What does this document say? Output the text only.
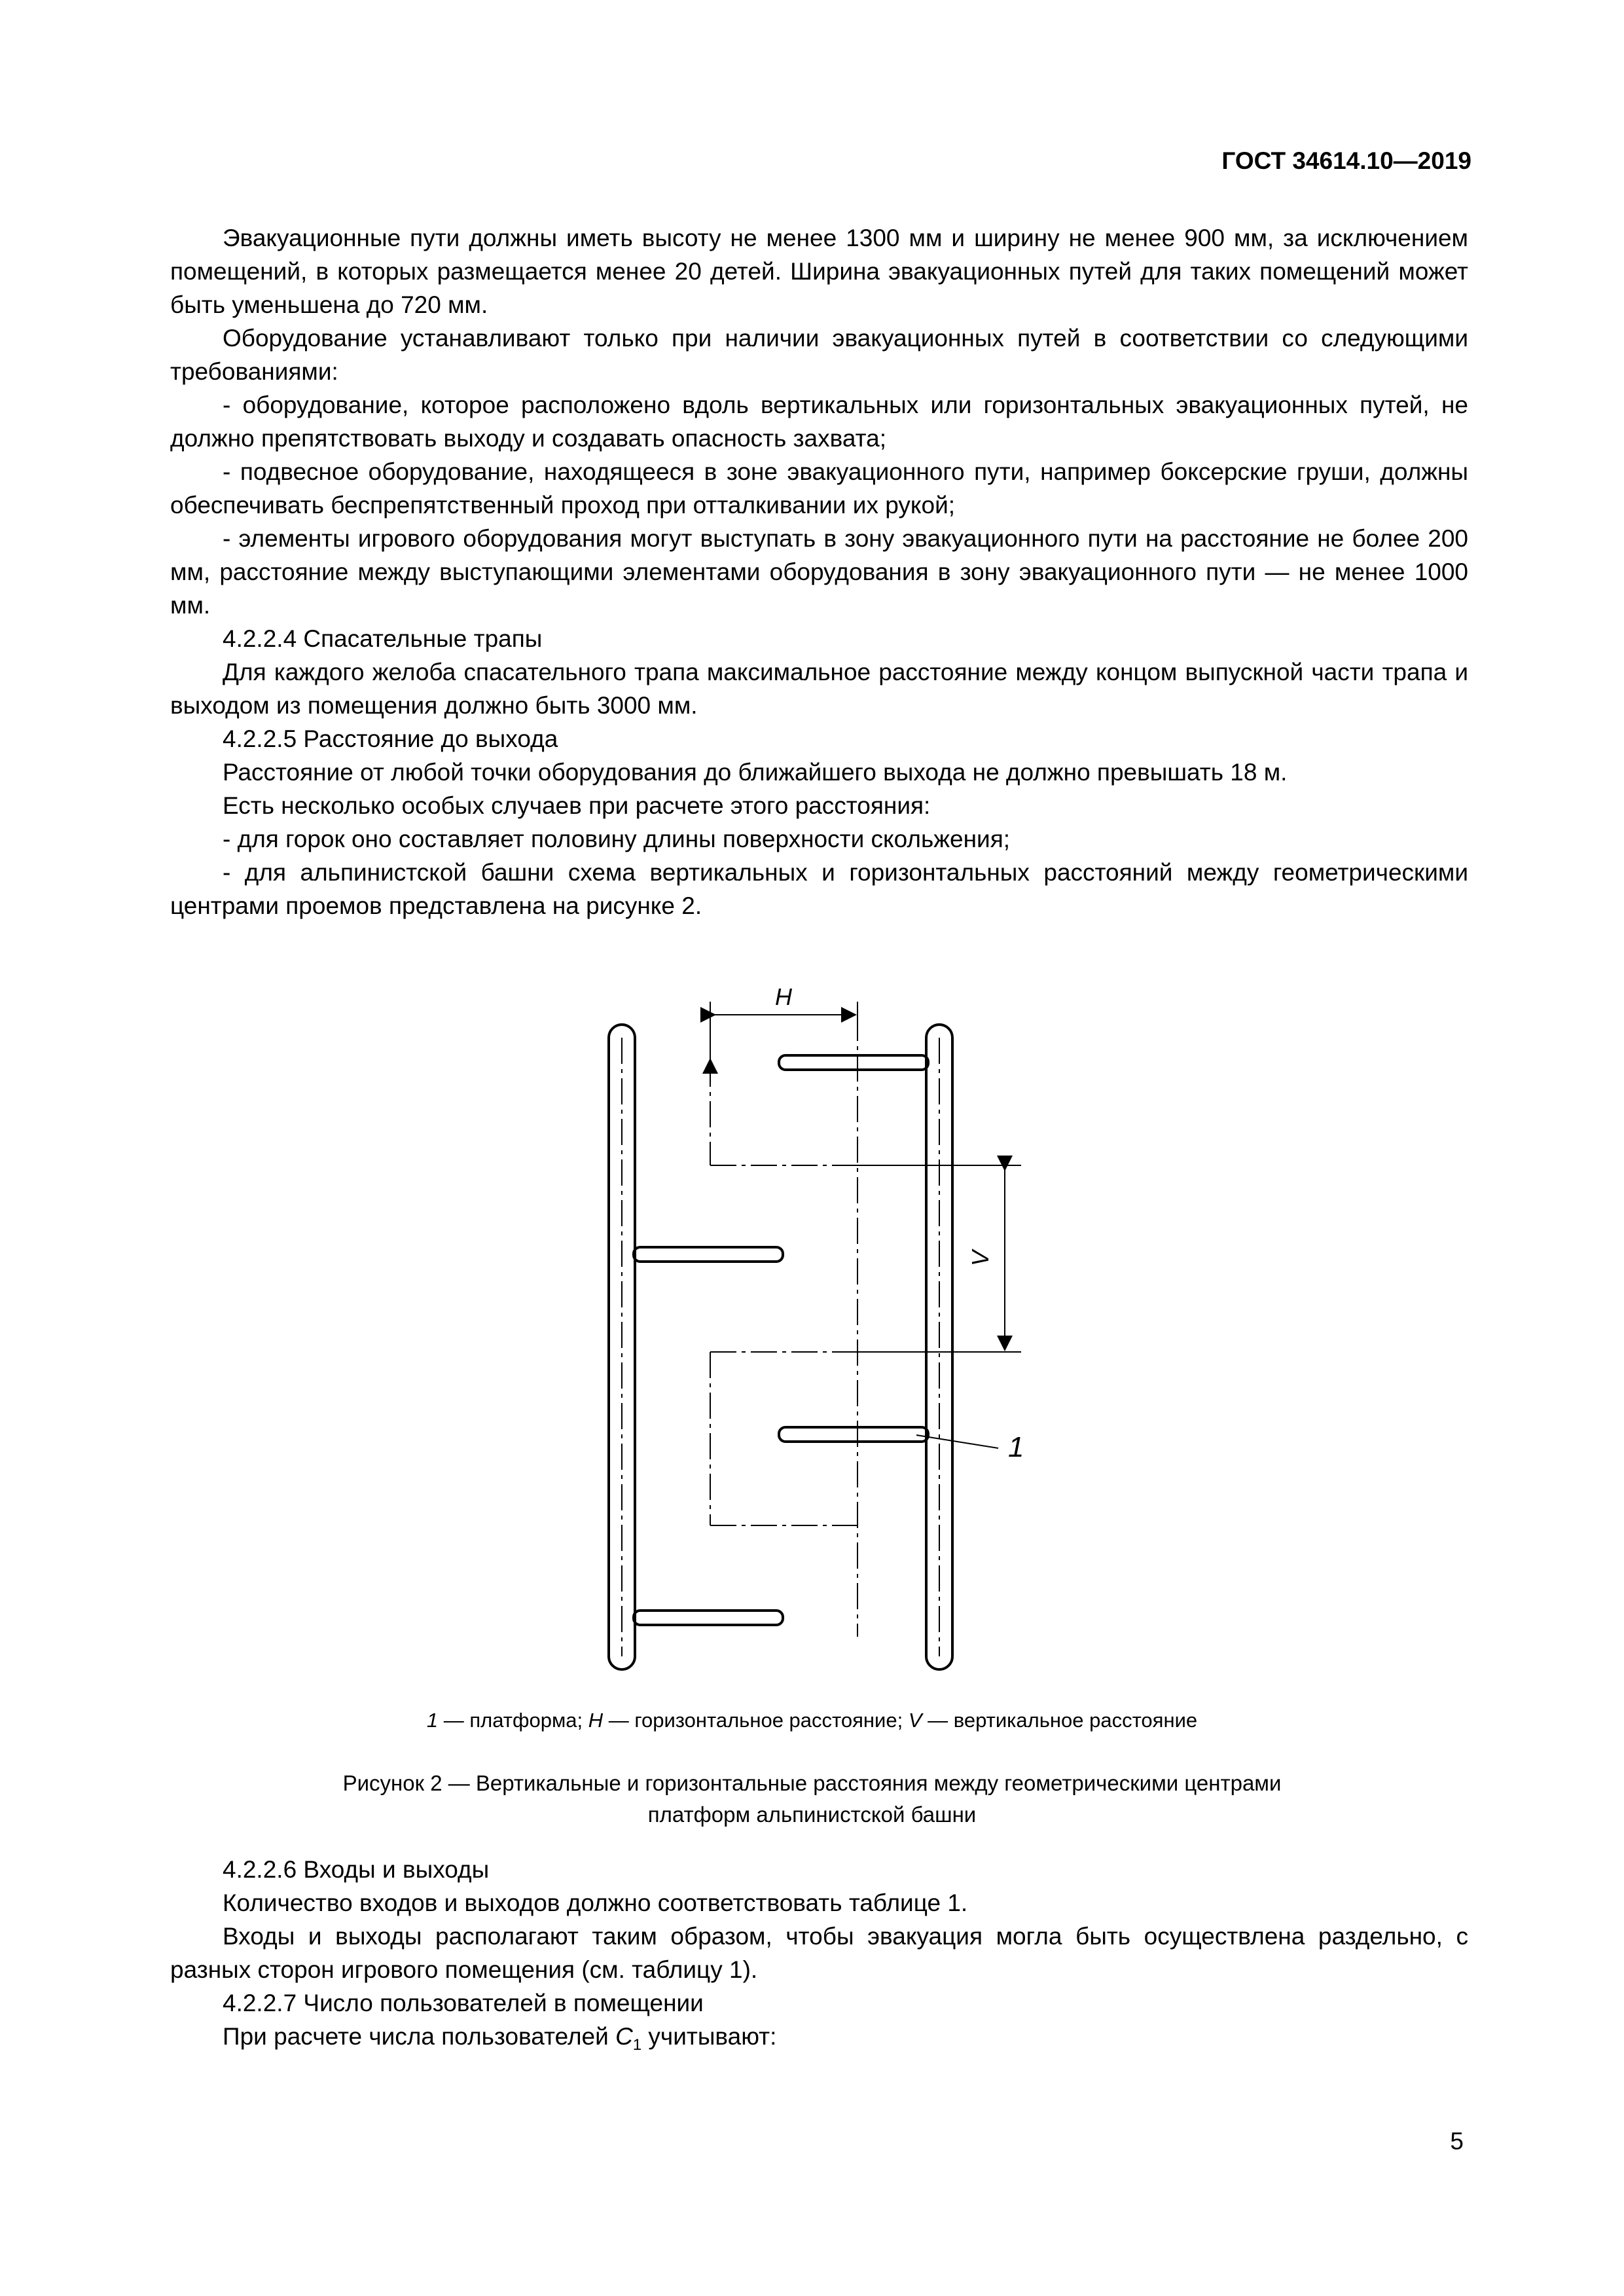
ГОСТ 34614.10—2019

Эвакуационные пути должны иметь высоту не менее 1300 мм и ширину не менее 900 мм, за исключением помещений, в которых размещается менее 20 детей. Ширина эвакуационных путей для таких помещений может быть уменьшена до 720 мм.

Оборудование устанавливают только при наличии эвакуационных путей в соответствии со следующими требованиями:

- оборудование, которое расположено вдоль вертикальных или горизонтальных эвакуационных путей, не должно препятствовать выходу и создавать опасность захвата;

- подвесное оборудование, находящееся в зоне эвакуационного пути, например боксерские груши, должны обеспечивать беспрепятственный проход при отталкивании их рукой;

- элементы игрового оборудования могут выступать в зону эвакуационного пути на расстояние не более 200 мм, расстояние между выступающими элементами оборудования в зону эвакуационного пути — не менее 1000 мм.

4.2.2.4 Спасательные трапы

Для каждого желоба спасательного трапа максимальное расстояние между концом выпускной части трапа и выходом из помещения должно быть 3000 мм.

4.2.2.5 Расстояние до выхода

Расстояние от любой точки оборудования до ближайшего выхода не должно превышать 18 м.

Есть несколько особых случаев при расчете этого расстояния:

- для горок оно составляет половину длины поверхности скольжения;

- для альпинистской башни схема вертикальных и горизонтальных расстояний между геометрическими центрами проемов представлена на рисунке 2.

H
V
1
1 — платформа; H — горизонтальное расстояние; V — вертикальное расстояние
Рисунок 2 — Вертикальные и горизонтальные расстояния между геометрическими центрами
платформ альпинистской башни

4.2.2.6 Входы и выходы

Количество входов и выходов должно соответствовать таблице 1.

Входы и выходы располагают таким образом, чтобы эвакуация могла быть осуществлена раздельно, с разных сторон игрового помещения (см. таблицу 1).

4.2.2.7 Число пользователей в помещении

При расчете числа пользователей $C_1$ учитывают:

5
